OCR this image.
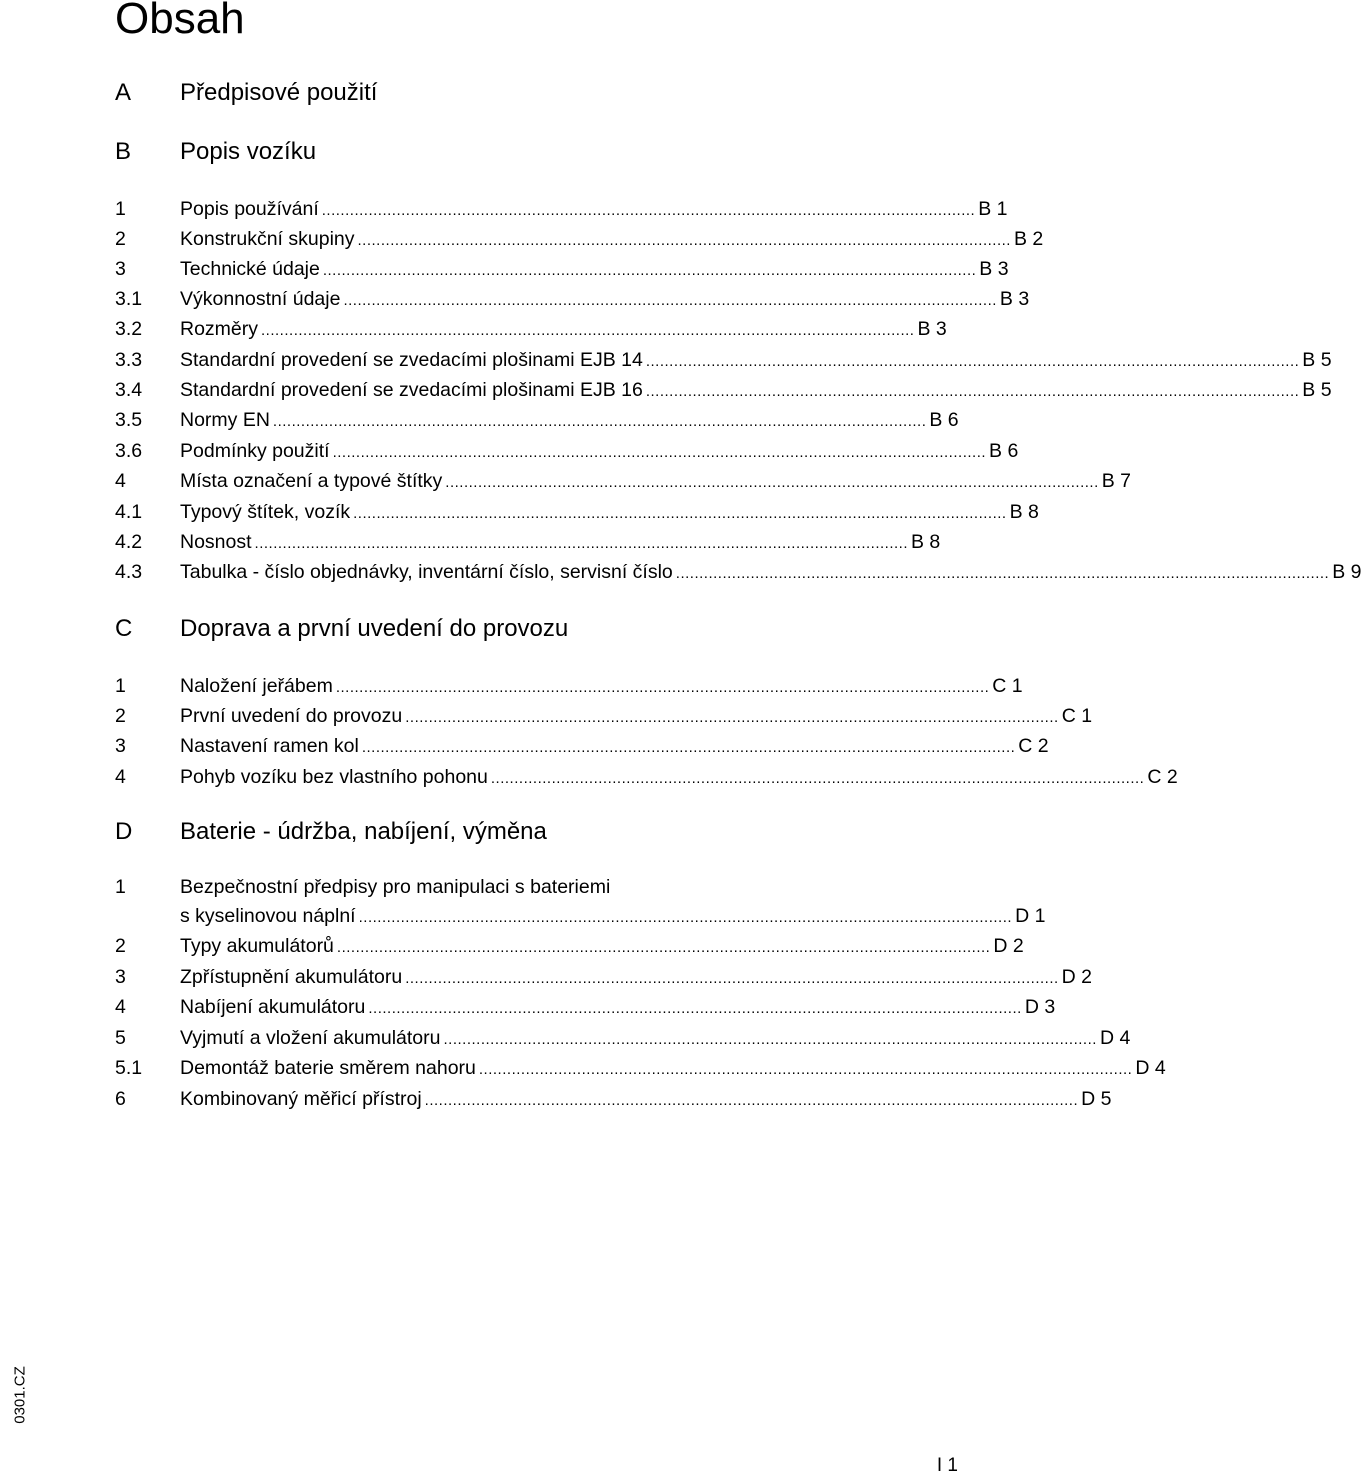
Obsah
A Předpisové použití
B Popis vozíku
1	Popis používání ............................................................................................................................................ B 1
2	Konstrukční skupiny ............................................................................................................................................ B 2
3	Technické údaje ............................................................................................................................................ B 3
3.1 Výkonnostní údaje ............................................................................................................................................ B 3
3.2 Rozměry ............................................................................................................................................ B 3
3.3 Standardní provedení se zvedacími plošinami EJB 14 ............................................................................................................................................ B 5
3.4 Standardní provedení se zvedacími plošinami EJB 16 ............................................................................................................................................ B 5
3.5 Normy EN ............................................................................................................................................ B 6
3.6 Podmínky použití ............................................................................................................................................ B 6
4	Místa označení a typové štítky ............................................................................................................................................ B 7
4.1 Typový štítek, vozík ............................................................................................................................................ B 8
4.2 Nosnost ............................................................................................................................................ B 8
4.3 Tabulka - číslo objednávky, inventární číslo, servisní číslo ............................................................................................................................................ B 9
C Doprava a první uvedení do provozu
1	Naložení jeřábem ............................................................................................................................................ C 1
2	První uvedení do provozu ............................................................................................................................................ C 1
3	Nastavení ramen kol ............................................................................................................................................ C 2
4	Pohyb vozíku bez vlastního pohonu ............................................................................................................................................ C 2
D Baterie - údržba, nabíjení, výměna
1	Bezpečnostní předpisy pro manipulaci s bateriemi
s kyselinovou náplní ............................................................................................................................................ D 1
2	Typy akumulátorů ............................................................................................................................................ D 2
3	Zpřístupnění akumulátoru ............................................................................................................................................ D 2
4	Nabíjení akumulátoru ............................................................................................................................................ D 3
5	Vyjmutí a vložení akumulátoru ............................................................................................................................................ D 4
5.1 Demontáž baterie směrem nahoru ............................................................................................................................................ D 4
6	Kombinovaný měřicí přístroj ............................................................................................................................................ D 5
0301.CZ
I 1
